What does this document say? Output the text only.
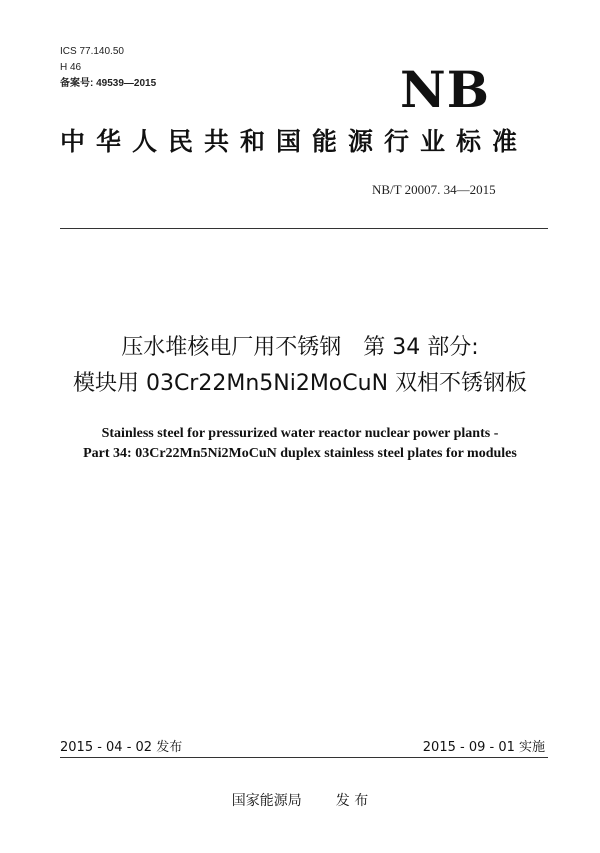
ICS 77.140.50
H 46
备案号: 49539—2015	NB
中华人民共和国能源行业标准
NB/T 20007. 34—2015
压水堆核电厂用不锈钢　第 34 部分:
模块用 03Cr22Mn5Ni2MoCuN 双相不锈钢板
Stainless steel for pressurized water reactor nuclear power plants -
Part 34: 03Cr22Mn5Ni2MoCuN duplex stainless steel plates for modules
2015 - 04 - 02 发布	2015 - 09 - 01 实施
国家能源局 发 布
